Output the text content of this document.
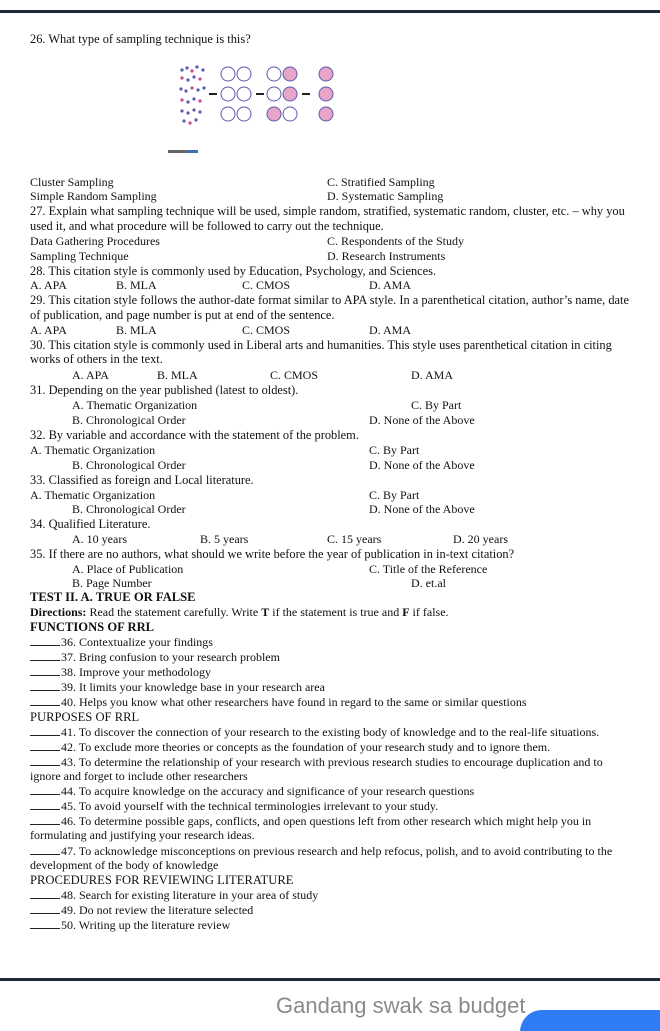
26. What type of sampling technique is this?
Cluster Sampling	C. Stratified Sampling
Simple Random Sampling	D. Systematic Sampling
27. Explain what sampling technique will be used, simple random, stratified, systematic random, cluster, etc. – why you
used it, and what procedure will be followed to carry out the technique.
Data Gathering Procedures	C. Respondents of the Study
Sampling Technique	D. Research Instruments
28. This citation style is commonly used by Education, Psychology, and Sciences.
A. APA	B. MLA	C. CMOS	D. AMA
29. This citation style follows the author-date format similar to APA style. In a parenthetical citation, author’s name, date
of publication, and page number is put at end of the sentence.
A. APA	B. MLA	C. CMOS	D. AMA
30. This citation style is commonly used in Liberal arts and humanities. This style uses parenthetical citation in citing
works of others in the text.
A. APA	B. MLA	C. CMOS	D. AMA
31. Depending on the year published (latest to oldest).
A. Thematic Organization	C. By Part
B. Chronological Order	D. None of the Above
32. By variable and accordance with the statement of the problem.
A. Thematic Organization	C. By Part
B. Chronological Order	D. None of the Above
33. Classified as foreign and Local literature.
A. Thematic Organization	C. By Part
B. Chronological Order	D. None of the Above
34. Qualified Literature.
A. 10 years	B. 5 years	C. 15 years	D. 20 years
35. If there are no authors, what should we write before the year of publication in in-text citation?
A. Place of Publication	C. Title of the Reference
B. Page Number	D. et.al
TEST II. A. TRUE OR FALSE
Directions: Read the statement carefully. Write T if the statement is true and F if false.
FUNCTIONS OF RRL
36. Contextualize your findings
37. Bring confusion to your research problem
38. Improve your methodology
39. It limits your knowledge base in your research area
40. Helps you know what other researchers have found in regard to the same or similar questions
PURPOSES OF RRL
41. To discover the connection of your research to the existing body of knowledge and to the real-life situations.
42. To exclude more theories or concepts as the foundation of your research study and to ignore them.
43. To determine the relationship of your research with previous research studies to encourage duplication and to
ignore and forget to include other researchers
44. To acquire knowledge on the accuracy and significance of your research questions
45. To avoid yourself with the technical terminologies irrelevant to your study.
46. To determine possible gaps, conflicts, and open questions left from other research which might help you in
formulating and justifying your research ideas.
47. To acknowledge misconceptions on previous research and help refocus, polish, and to avoid contributing to the
development of the body of knowledge
PROCEDURES FOR REVIEWING LITERATURE
48. Search for existing literature in your area of study
49. Do not review the literature selected
50. Writing up the literature review
Gandang swak sa budget
